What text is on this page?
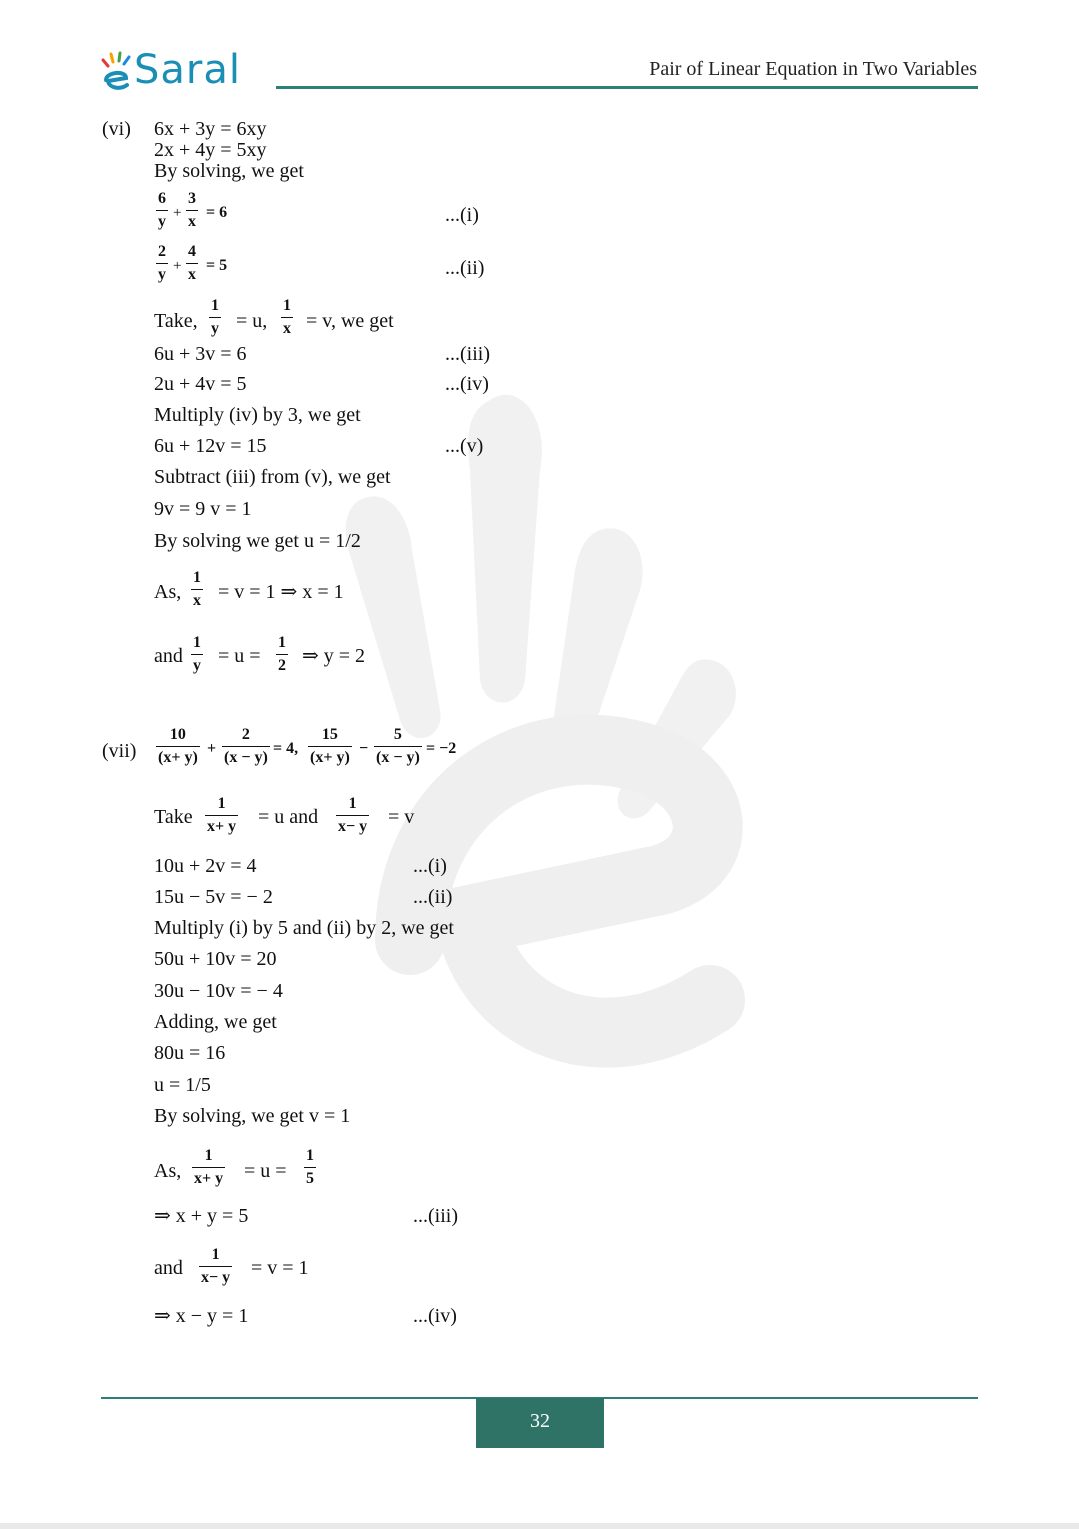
Saral	Pair of Linear Equation in Two Variables
(vi) 6x + 3y = 6xy
2x + 4y = 5xy
By solving, we get
6
y +
3
x
= 6	...(i)
2
y +
4
x
= 5	...(ii)
Take,
1
y = u,
1
x = v, we get
6u + 3v = 6	...(iii)
2u + 4v = 5	...(iv)
Multiply (iv) by 3, we get
6u + 12v = 15	...(v)
Subtract (iii) from (v), we get
9v = 9 v = 1
By solving we get u = 1/2
As,
1
x = v = 1 ⇒ x = 1
and
1
y = u =
1
2 ⇒ y = 2
(vii)
10
(x+ y)
+
2
(x − y)
= 4,
15
(x+ y)
−
5
(x − y)
= −2
Take
1
x+ y = u and
1
x− y = v
10u + 2v = 4	...(i)
15u − 5v = − 2	...(ii)
Multiply (i) by 5 and (ii) by 2, we get
50u + 10v = 20
30u − 10v = − 4
Adding, we get
80u = 16
u = 1/5
By solving, we get v = 1
As,
1
x+ y = u =
1
5
⇒ x + y = 5	...(iii)
and
1
x− y = v = 1
⇒ x − y = 1	...(iv)
32
